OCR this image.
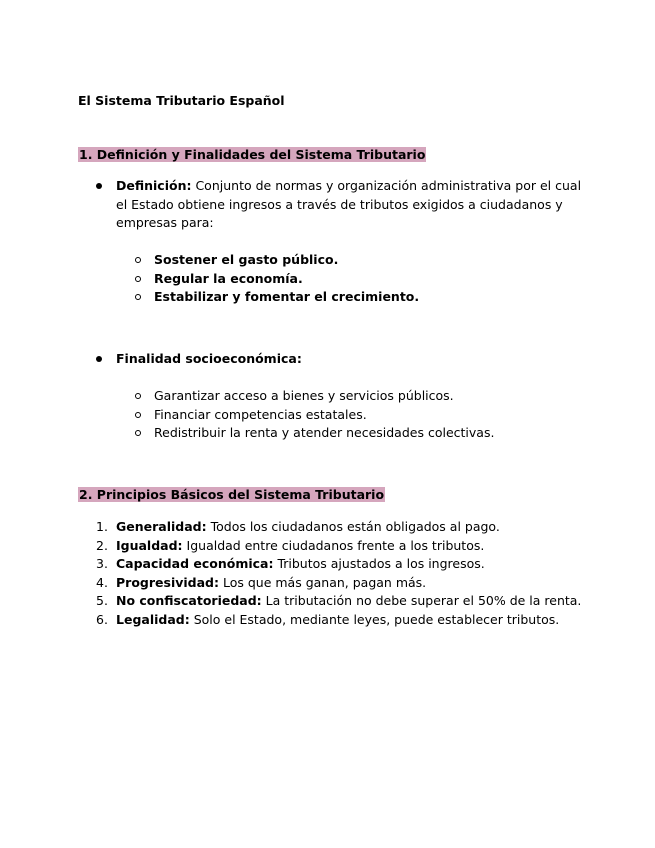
El Sistema Tributario Español
1. Definición y Finalidades del Sistema Tributario
Definición: Conjunto de normas y organización administrativa por el cual
el Estado obtiene ingresos a través de tributos exigidos a ciudadanos y
empresas para:
Sostener el gasto público.
Regular la economía.
Estabilizar y fomentar el crecimiento.
Finalidad socioeconómica:
Garantizar acceso a bienes y servicios públicos.
Financiar competencias estatales.
Redistribuir la renta y atender necesidades colectivas.
2. Principios Básicos del Sistema Tributario
1. Generalidad: Todos los ciudadanos están obligados al pago.
2. Igualdad: Igualdad entre ciudadanos frente a los tributos.
3. Capacidad económica: Tributos ajustados a los ingresos.
4. Progresividad: Los que más ganan, pagan más.
5. No confiscatoriedad: La tributación no debe superar el 50% de la renta.
6. Legalidad: Solo el Estado, mediante leyes, puede establecer tributos.
